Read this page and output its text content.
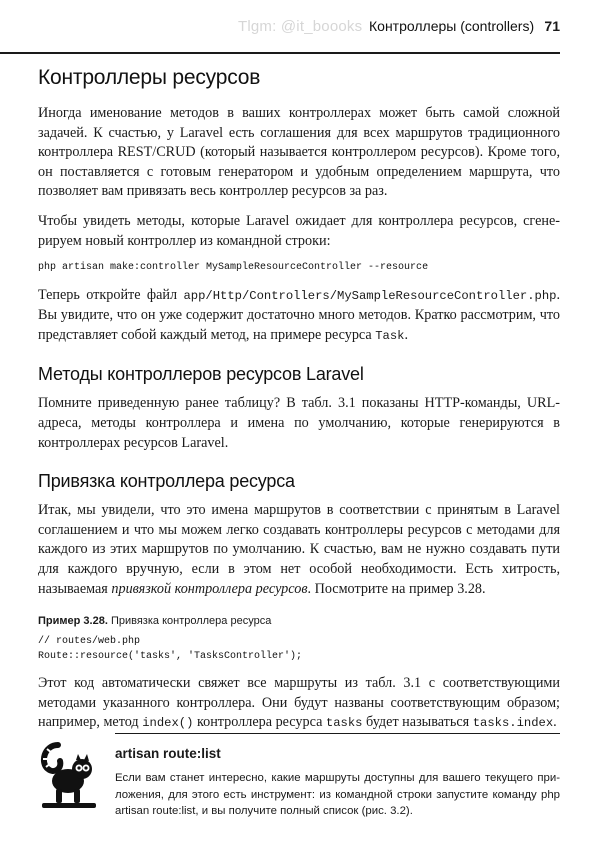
Tlgm: @it_boooks Контроллеры (controllers) 71
Контроллеры ресурсов

Иногда именование методов в ваших контроллерах может быть самой сложной задачей. К счастью, у Laravel есть соглашения для всех маршрутов традиционного контроллера REST/CRUD (который называется контроллером ресурсов). Кроме того, он поставляется с готовым генератором и удобным определением маршрута, что позволяет вам привязать весь контроллер ресурсов за раз.

Чтобы увидеть методы, которые Laravel ожидает для контроллера ресурсов, сгенерируем новый контроллер из командной строки:

php artisan make:controller MySampleResourceController --resource

Теперь откройте файл app/Http/Controllers/MySampleResourceController.php. Вы увидите, что он уже содержит достаточно много методов. Кратко рассмотрим, что представляет собой каждый метод, на примере ресурса Task.

Методы контроллеров ресурсов Laravel

Помните приведенную ранее таблицу? В табл. 3.1 показаны HTTP-команды, URL-адреса, методы контроллера и имена по умолчанию, которые генерируются в контроллерах ресурсов Laravel.

Привязка контроллера ресурса

Итак, мы увидели, что это имена маршрутов в соответствии с принятым в Laravel соглашением и что мы можем легко создавать контроллеры ресурсов с методами для каждого из этих маршрутов по умолчанию. К счастью, вам не нужно создавать пути для каждого вручную, если в этом нет особой необходимости. Есть хитрость, называемая привязкой контроллера ресурсов. Посмотрите на пример 3.28.

Пример 3.28. Привязка контроллера ресурса
// routes/web.php
Route::resource('tasks', 'TasksController');

Этот код автоматически свяжет все маршруты из табл. 3.1 с соответствующими методами указанного контроллера. Они будут названы соответствующим образом; например, метод index() контроллера ресурса tasks будет называться tasks.index.

artisan route:list

Если вам станет интересно, какие маршруты доступны для вашего текущего приложения, для этого есть инструмент: из командной строки запустите команду php artisan route:list, и вы получите полный список (рис. 3.2).
